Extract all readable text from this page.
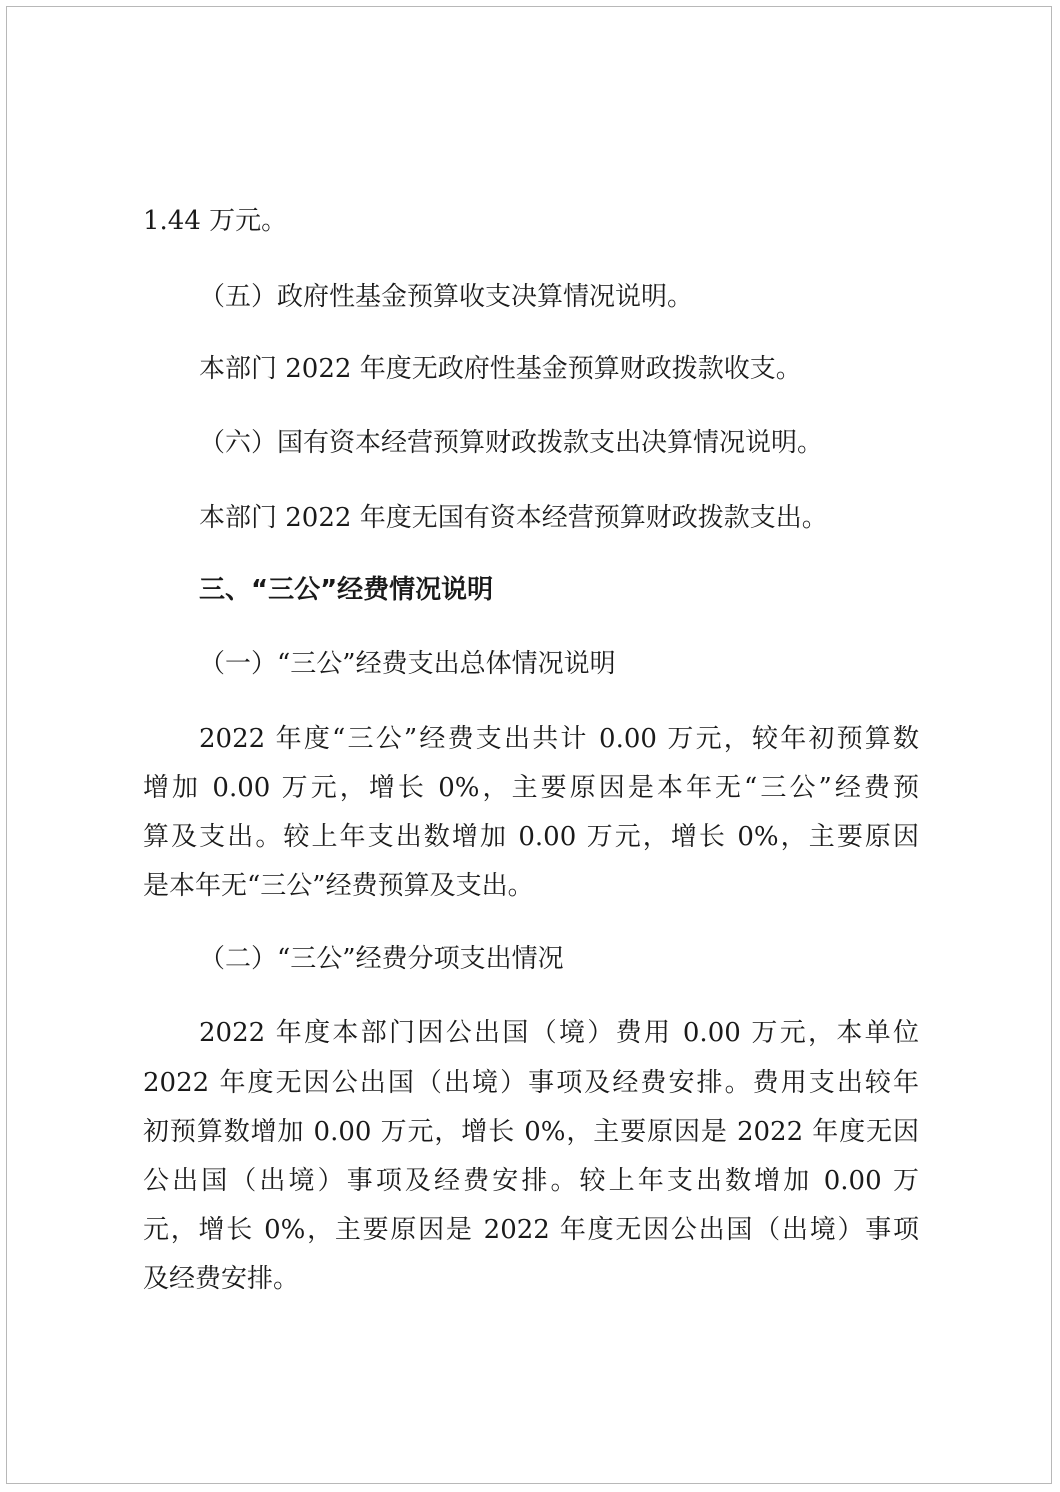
1.44 万元。
（五）政府性基金预算收支决算情况说明。
本部门 2022 年度无政府性基金预算财政拨款收支。
（六）国有资本经营预算财政拨款支出决算情况说明。
本部门 2022 年度无国有资本经营预算财政拨款支出。
三、“三公”经费情况说明
（一）“三公”经费支出总体情况说明
2022 年度“三公”经费支出共计 0.00 万元，较年初预算数
增加 0.00 万元，增长 0%，主要原因是本年无“三公”经费预
算及支出。较上年支出数增加 0.00 万元，增长 0%，主要原因
是本年无“三公”经费预算及支出。
（二）“三公”经费分项支出情况
2022 年度本部门因公出国（境）费用 0.00 万元，本单位
2022 年度无因公出国（出境）事项及经费安排。费用支出较年
初预算数增加 0.00 万元，增长 0%，主要原因是 2022 年度无因
公出国（出境）事项及经费安排。较上年支出数增加 0.00 万
元，增长 0%，主要原因是 2022 年度无因公出国（出境）事项
及经费安排。
